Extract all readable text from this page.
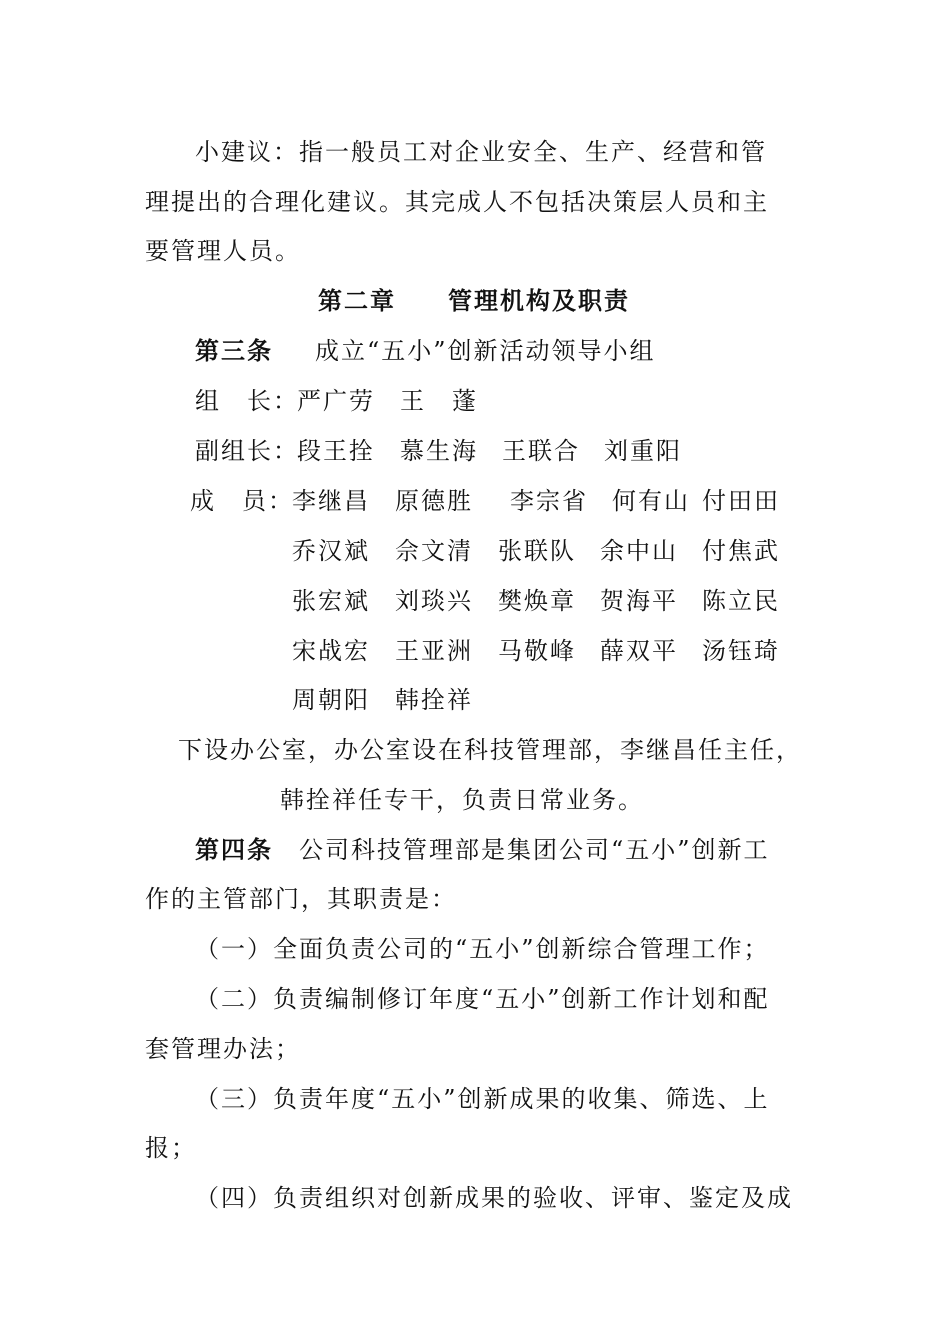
小建议：指一般员工对企业安全、生产、经营和管
理提出的合理化建议。其完成人不包括决策层人员和主
要管理人员。
第二章　　管理机构及职责
第三条 成立“五小”创新活动领导小组
组　长：
严广劳 王　蓬
副组长：
段王拴 慕生海 王联合 刘重阳
成　员：
李继昌 原德胜 李宗省 何有山 付田田
乔汉斌 佘文清 张联队 余中山 付焦武
张宏斌 刘琰兴 樊焕章 贺海平 陈立民
宋战宏 王亚洲 马敬峰 薛双平 汤钰琦
周朝阳 韩拴祥
下设办公室，办公室设在科技管理部，李继昌任主任，
韩拴祥任专干，负责日常业务。
第四条 公司科技管理部是集团公司“五小”创新工
作的主管部门，其职责是：
（一）全面负责公司的“五小”创新综合管理工作；
（二）负责编制修订年度“五小”创新工作计划和配
套管理办法；
（三）负责年度“五小”创新成果的收集、筛选、上
报；
（四）负责组织对创新成果的验收、评审、鉴定及成
